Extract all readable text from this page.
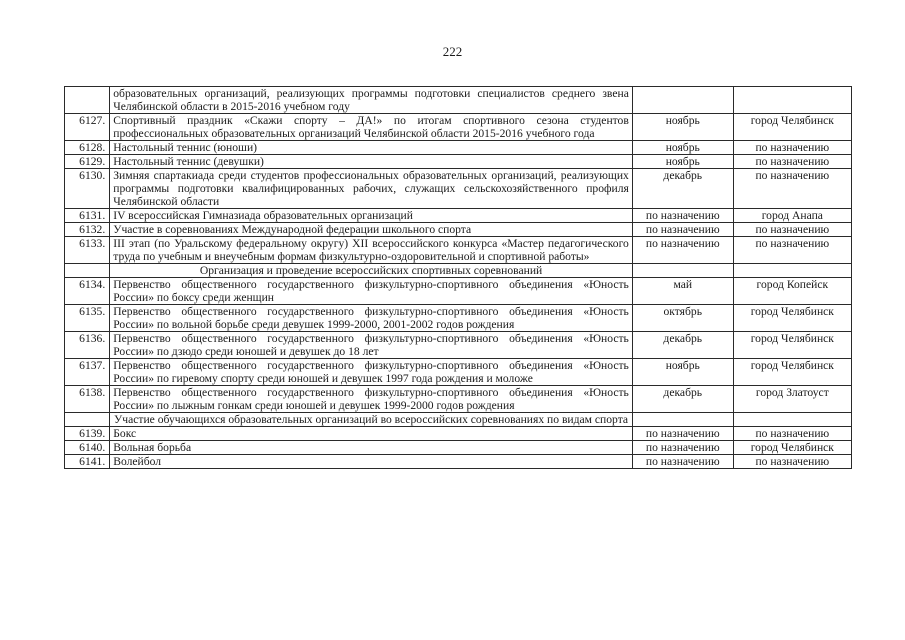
222
	образовательных организаций, реализующих программы подготовки специалистов среднего звена Челябинской области в 2015-2016 учебном году		
6127.	Спортивный праздник «Скажи спорту – ДА!» по итогам спортивного сезона студентов профессиональных образовательных организаций Челябинской области 2015-2016 учебного года	ноябрь	город Челябинск
6128.	Настольный теннис (юноши)	ноябрь	по назначению
6129.	Настольный теннис (девушки)	ноябрь	по назначению
6130.	Зимняя спартакиада среди студентов профессиональных образовательных организаций, реализующих программы подготовки квалифицированных рабочих, служащих сельскохозяйственного профиля Челябинской области	декабрь	по назначению
6131.	IV всероссийская Гимназиада образовательных организаций	по назначению	город Анапа
6132.	Участие в соревнованиях Международной федерации школьного спорта	по назначению	по назначению
6133.	III этап (по Уральскому федеральному округу) XII всероссийского конкурса «Мастер педагогического труда по учебным и внеучебным формам физкультурно-оздоровительной и спортивной работы»	по назначению	по назначению
	Организация и проведение всероссийских спортивных соревнований		
6134.	Первенство общественного государственного физкультурно-спортивного объединения «Юность России» по боксу среди женщин	май	город Копейск
6135.	Первенство общественного государственного физкультурно-спортивного объединения «Юность России» по вольной борьбе среди девушек 1999-2000, 2001-2002 годов рождения	октябрь	город Челябинск
6136.	Первенство общественного государственного физкультурно-спортивного объединения «Юность России» по дзюдо среди юношей и девушек до 18 лет	декабрь	город Челябинск
6137.	Первенство общественного государственного физкультурно-спортивного объединения «Юность России» по гиревому спорту среди юношей и девушек 1997 года рождения и моложе	ноябрь	город Челябинск
6138.	Первенство общественного государственного физкультурно-спортивного объединения «Юность России» по лыжным гонкам среди юношей и девушек 1999-2000 годов рождения	декабрь	город Златоуст
	Участие обучающихся образовательных организаций во всероссийских соревнованиях по видам спорта		
6139.	Бокс	по назначению	по назначению
6140.	Вольная борьба	по назначению	город Челябинск
6141.	Волейбол	по назначению	по назначению
